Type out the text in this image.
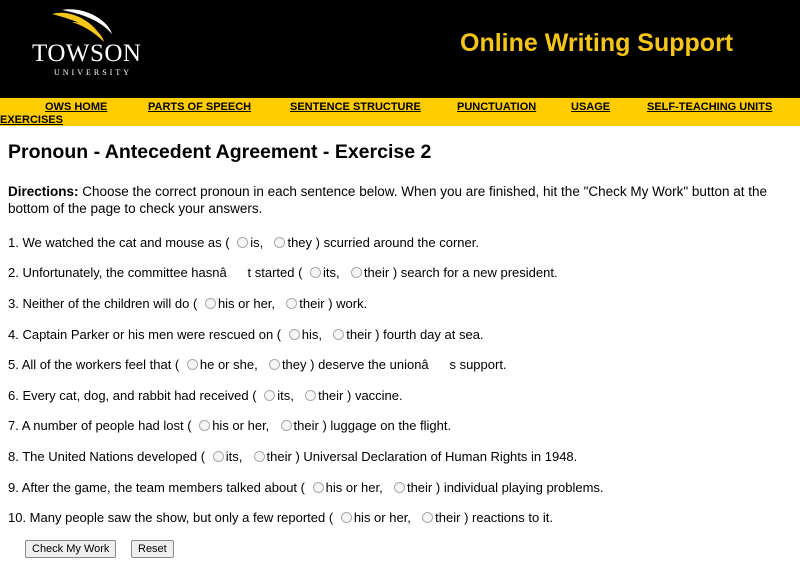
TOWSON
UNIVERSITY
Online Writing Support
OWS HOME	PARTS OF SPEECH	SENTENCE STRUCTURE	PUNCTUATION	USAGE	SELF-TEACHING UNITS
EXERCISES
Pronoun - Antecedent Agreement - Exercise 2

Directions: Choose the correct pronoun in each sentence below. When you are finished, hit the "Check My Work" button at the bottom of the page to check your answers.

1. We watched the cat and mouse as ( is, they ) scurried around the corner.
2. Unfortunately, the committee hasnât started ( its, their ) search for a new president.
3. Neither of the children will do ( his or her, their ) work.
4. Captain Parker or his men were rescued on ( his, their ) fourth day at sea.
5. All of the workers feel that ( he or she, they ) deserve the unionâs support.
6. Every cat, dog, and rabbit had received ( its, their ) vaccine.
7. A number of people had lost ( his or her, their ) luggage on the flight.
8. The United Nations developed ( its, their ) Universal Declaration of Human Rights in 1948.
9. After the game, the team members talked about ( his or her, their ) individual playing problems.
10. Many people saw the show, but only a few reported ( his or her, their ) reactions to it.
Check My Work	Reset
